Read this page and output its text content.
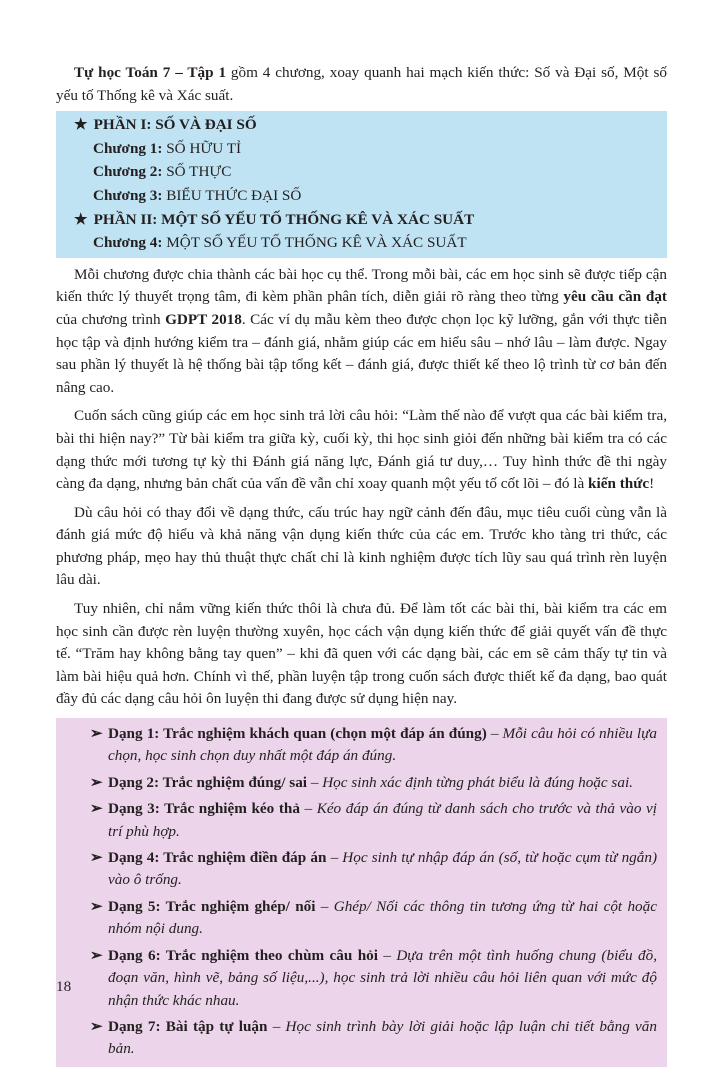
Tự học Toán 7 – Tập 1 gồm 4 chương, xoay quanh hai mạch kiến thức: Số và Đại số, Một số yếu tố Thống kê và Xác suất.

★ PHẦN I: SỐ VÀ ĐẠI SỐ
Chương 1: SỐ HỮU TỈ
Chương 2: SỐ THỰC
Chương 3: BIỂU THỨC ĐẠI SỐ
★ PHẦN II: MỘT SỐ YẾU TỐ THỐNG KÊ VÀ XÁC SUẤT
Chương 4: MỘT SỐ YẾU TỐ THỐNG KÊ VÀ XÁC SUẤT

Mỗi chương được chia thành các bài học cụ thể. Trong mỗi bài, các em học sinh sẽ được tiếp cận kiến thức lý thuyết trọng tâm, đi kèm phần phân tích, diễn giải rõ ràng theo từng yêu cầu cần đạt của chương trình GDPT 2018. Các ví dụ mẫu kèm theo được chọn lọc kỹ lưỡng, gắn với thực tiễn học tập và định hướng kiểm tra – đánh giá, nhằm giúp các em hiểu sâu – nhớ lâu – làm được. Ngay sau phần lý thuyết là hệ thống bài tập tổng kết – đánh giá, được thiết kế theo lộ trình từ cơ bản đến nâng cao.

Cuốn sách cũng giúp các em học sinh trả lời câu hỏi: “Làm thế nào để vượt qua các bài kiểm tra, bài thi hiện nay?” Từ bài kiểm tra giữa kỳ, cuối kỳ, thi học sinh giỏi đến những bài kiểm tra có các dạng thức mới tương tự kỳ thi Đánh giá năng lực, Đánh giá tư duy,… Tuy hình thức đề thi ngày càng đa dạng, nhưng bản chất của vấn đề vẫn chỉ xoay quanh một yếu tố cốt lõi – đó là kiến thức!

Dù câu hỏi có thay đổi về dạng thức, cấu trúc hay ngữ cảnh đến đâu, mục tiêu cuối cùng vẫn là đánh giá mức độ hiểu và khả năng vận dụng kiến thức của các em. Trước kho tàng tri thức, các phương pháp, mẹo hay thủ thuật thực chất chỉ là kinh nghiệm được tích lũy sau quá trình rèn luyện lâu dài.

Tuy nhiên, chỉ nắm vững kiến thức thôi là chưa đủ. Để làm tốt các bài thi, bài kiểm tra các em học sinh cần được rèn luyện thường xuyên, học cách vận dụng kiến thức để giải quyết vấn đề thực tế. “Trăm hay không bằng tay quen” – khi đã quen với các dạng bài, các em sẽ cảm thấy tự tin và làm bài hiệu quả hơn. Chính vì thế, phần luyện tập trong cuốn sách được thiết kế đa dạng, bao quát đầy đủ các dạng câu hỏi ôn luyện thi đang được sử dụng hiện nay.

➢ Dạng 1: Trắc nghiệm khách quan (chọn một đáp án đúng) – Mỗi câu hỏi có nhiều lựa chọn, học sinh chọn duy nhất một đáp án đúng.
➢ Dạng 2: Trắc nghiệm đúng/ sai – Học sinh xác định từng phát biểu là đúng hoặc sai.
➢ Dạng 3: Trắc nghiệm kéo thả – Kéo đáp án đúng từ danh sách cho trước và thả vào vị trí phù hợp.
➢ Dạng 4: Trắc nghiệm điền đáp án – Học sinh tự nhập đáp án (số, từ hoặc cụm từ ngắn) vào ô trống.
➢ Dạng 5: Trắc nghiệm ghép/ nối – Ghép/ Nối các thông tin tương ứng từ hai cột hoặc nhóm nội dung.
➢ Dạng 6: Trắc nghiệm theo chùm câu hỏi – Dựa trên một tình huống chung (biểu đồ, đoạn văn, hình vẽ, bảng số liệu,...), học sinh trả lời nhiều câu hỏi liên quan với mức độ nhận thức khác nhau.
➢ Dạng 7: Bài tập tự luận – Học sinh trình bày lời giải hoặc lập luận chi tiết bằng văn bản.
18
